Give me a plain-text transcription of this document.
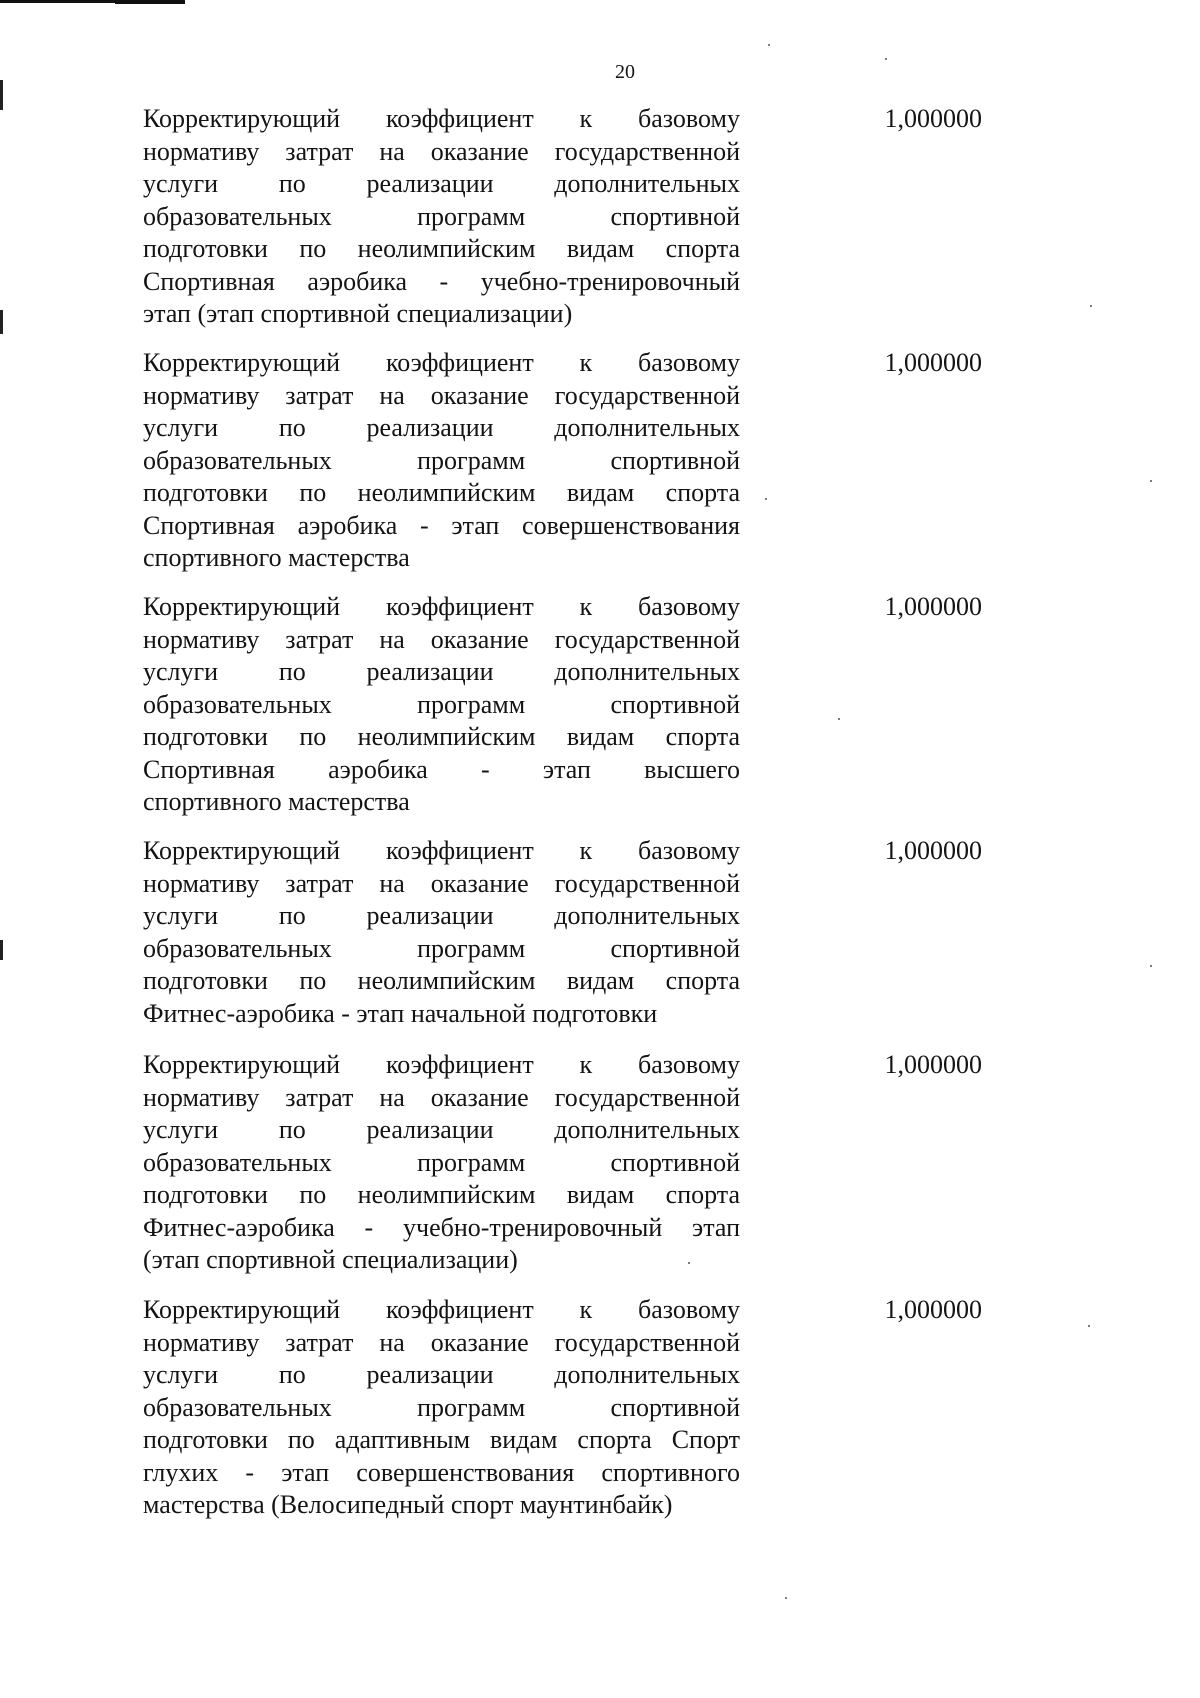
20
Корректирующий коэффициент к базовому
нормативу затрат на оказание государственной
услуги по реализации дополнительных
образовательных программ спортивной
подготовки по неолимпийским видам спорта
Спортивная аэробика - учебно-тренировочный
этап (этап спортивной специализации)
1,000000
Корректирующий коэффициент к базовому
нормативу затрат на оказание государственной
услуги по реализации дополнительных
образовательных программ спортивной
подготовки по неолимпийским видам спорта
Спортивная аэробика - этап совершенствования
спортивного мастерства
1,000000
Корректирующий коэффициент к базовому
нормативу затрат на оказание государственной
услуги по реализации дополнительных
образовательных программ спортивной
подготовки по неолимпийским видам спорта
Спортивная аэробика - этап высшего
спортивного мастерства
1,000000
Корректирующий коэффициент к базовому
нормативу затрат на оказание государственной
услуги по реализации дополнительных
образовательных программ спортивной
подготовки по неолимпийским видам спорта
Фитнес-аэробика - этап начальной подготовки
1,000000
Корректирующий коэффициент к базовому
нормативу затрат на оказание государственной
услуги по реализации дополнительных
образовательных программ спортивной
подготовки по неолимпийским видам спорта
Фитнес-аэробика - учебно-тренировочный этап
(этап спортивной специализации)
1,000000
Корректирующий коэффициент к базовому
нормативу затрат на оказание государственной
услуги по реализации дополнительных
образовательных программ спортивной
подготовки по адаптивным видам спорта Спорт
глухих - этап совершенствования спортивного
мастерства (Велосипедный спорт маунтинбайк)
1,000000
